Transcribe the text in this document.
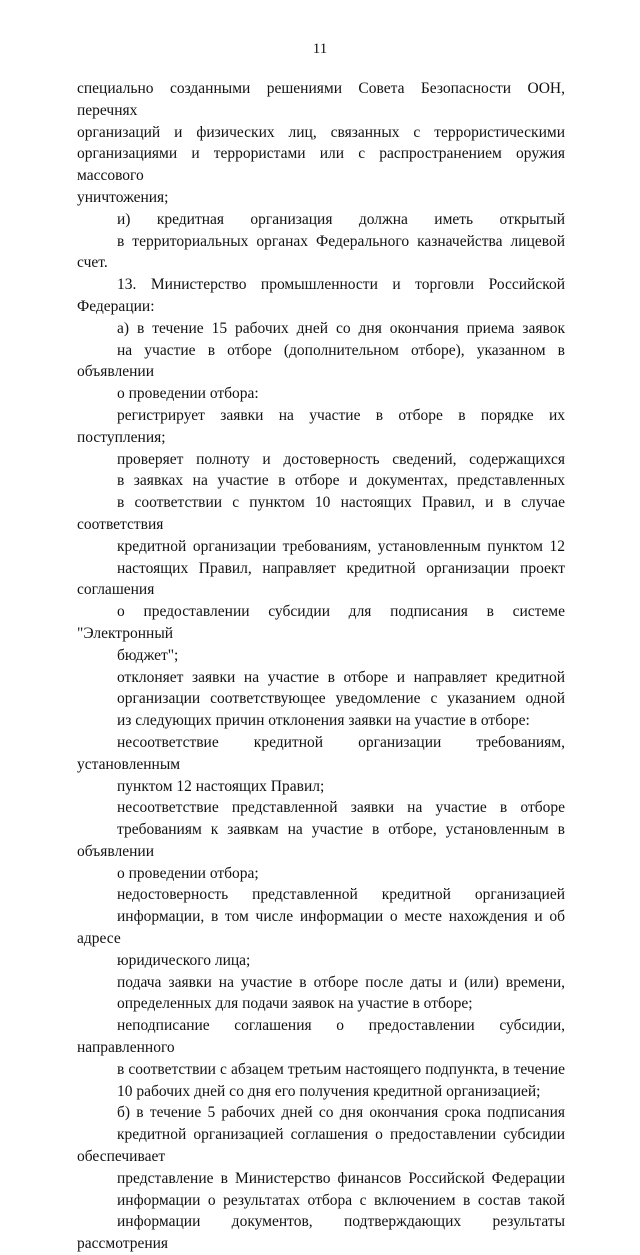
11

специально созданными решениями Совета Безопасности ООН, перечнях
организаций и физических лиц, связанных с террористическими
организациями и террористами или с распространением оружия массового
уничтожения;

и) кредитная организация должна иметь открытый
в территориальных органах Федерального казначейства лицевой счет.

13. Министерство промышленности и торговли Российской Федерации:

а) в течение 15 рабочих дней со дня окончания приема заявок
на участие в отборе (дополнительном отборе), указанном в объявлении
о проведении отбора:

регистрирует заявки на участие в отборе в порядке их поступления;

проверяет полноту и достоверность сведений, содержащихся
в заявках на участие в отборе и документах, представленных
в соответствии с пунктом 10 настоящих Правил, и в случае соответствия
кредитной организации требованиям, установленным пунктом 12
настоящих Правил, направляет кредитной организации проект соглашения
о предоставлении субсидии для подписания в системе "Электронный
бюджет";

отклоняет заявки на участие в отборе и направляет кредитной
организации соответствующее уведомление с указанием одной
из следующих причин отклонения заявки на участие в отборе:

несоответствие кредитной организации требованиям, установленным
пунктом 12 настоящих Правил;

несоответствие представленной заявки на участие в отборе
требованиям к заявкам на участие в отборе, установленным в объявлении
о проведении отбора;

недостоверность представленной кредитной организацией
информации, в том числе информации о месте нахождения и об адресе
юридического лица;

подача заявки на участие в отборе после даты и (или) времени,
определенных для подачи заявок на участие в отборе;

неподписание соглашения о предоставлении субсидии, направленного
в соответствии с абзацем третьим настоящего подпункта, в течение
10 рабочих дней со дня его получения кредитной организацией;

б) в течение 5 рабочих дней со дня окончания срока подписания
кредитной организацией соглашения о предоставлении субсидии обеспечивает
представление в Министерство финансов Российской Федерации
информации о результатах отбора с включением в состав такой
информации документов, подтверждающих результаты рассмотрения
